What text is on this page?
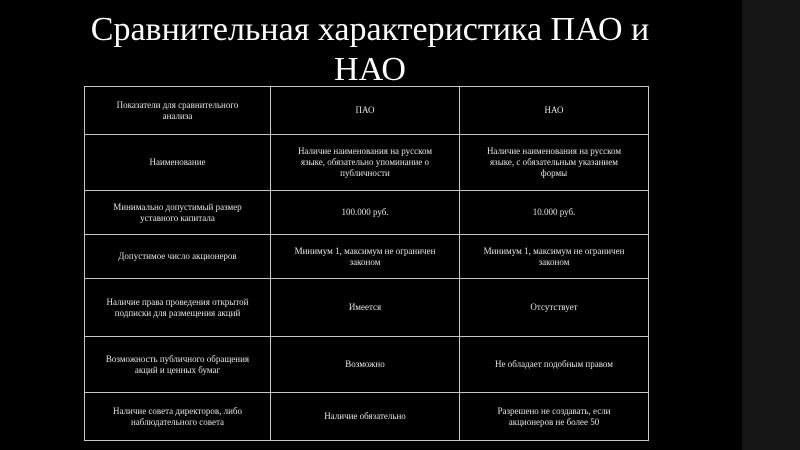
Сравнительная характеристика ПАО и НАО
Показатели для сравнительного анализа	ПАО	НАО
Наименование	Наличие наименования на русском языке, обязательно упоминание о публичности	Наличие наименования на русском языке, с обязательным указанием формы
Минимально допустимый размер уставного капитала	100.000 руб.	10.000 руб.
Допустимое число акционеров	Минимум 1, максимум не ограничен законом	Минимум 1, максимум не ограничен законом
Наличие права проведения открытой подписки для размещения акций	Имеется	Отсутствует
Возможность публичного обращения акций и ценных бумаг	Возможно	Не обладает подобным правом
Наличие совета директоров, либо наблюдательного совета	Наличие обязательно	Разрешено не создавать, если акционеров не более 50
